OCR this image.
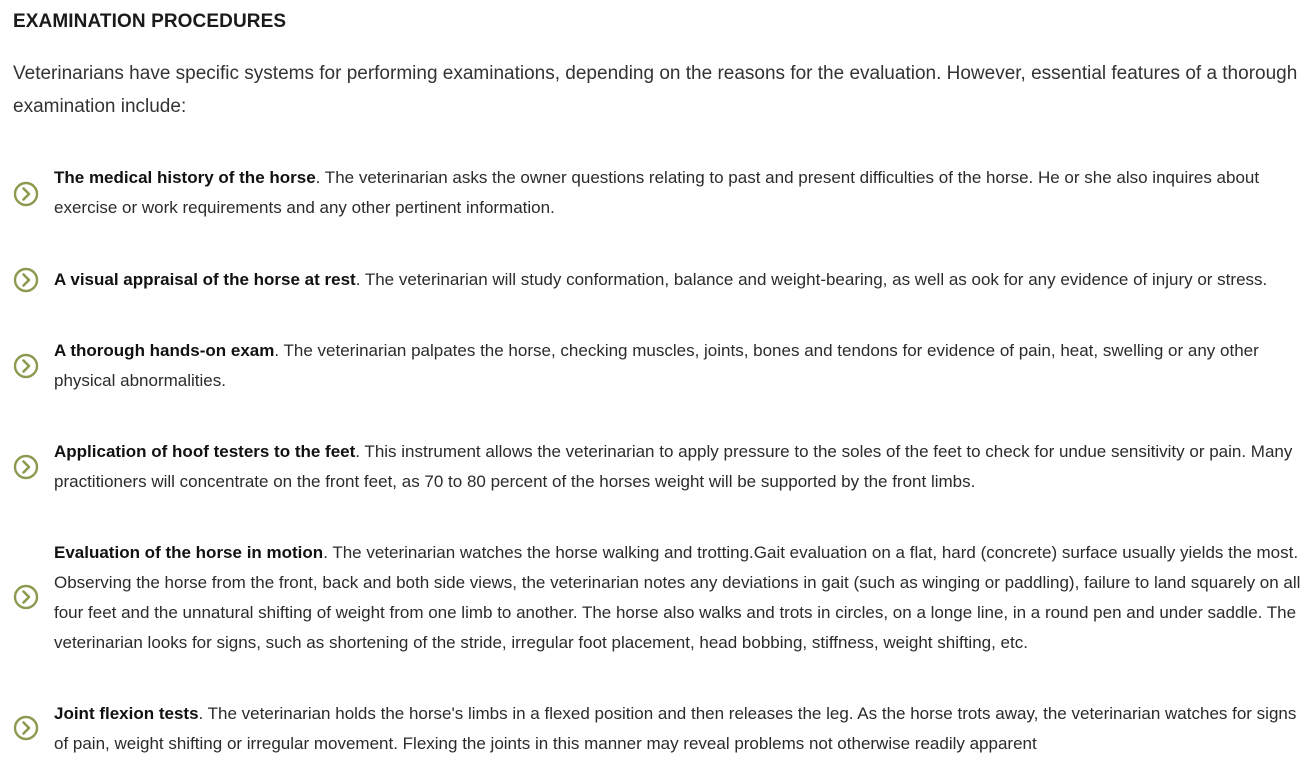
EXAMINATION PROCEDURES

Veterinarians have specific systems for performing examinations, depending on the reasons for the evaluation. However, essential features of a thorough examination include:

The medical history of the horse. The veterinarian asks the owner questions relating to past and present difficulties of the horse. He or she also inquires about exercise or work requirements and any other pertinent information.

A visual appraisal of the horse at rest. The veterinarian will study conformation, balance and weight-bearing, as well as ook for any evidence of injury or stress.

A thorough hands-on exam. The veterinarian palpates the horse, checking muscles, joints, bones and tendons for evidence of pain, heat, swelling or any other physical abnormalities.

Application of hoof testers to the feet. This instrument allows the veterinarian to apply pressure to the soles of the feet to check for undue sensitivity or pain. Many practitioners will concentrate on the front feet, as 70 to 80 percent of the horses weight will be supported by the front limbs.

Evaluation of the horse in motion. The veterinarian watches the horse walking and trotting.Gait evaluation on a flat, hard (concrete) surface usually yields the most. Observing the horse from the front, back and both side views, the veterinarian notes any deviations in gait (such as winging or paddling), failure to land squarely on all four feet and the unnatural shifting of weight from one limb to another. The horse also walks and trots in circles, on a longe line, in a round pen and under saddle. The veterinarian looks for signs, such as shortening of the stride, irregular foot placement, head bobbing, stiffness, weight shifting, etc.

Joint flexion tests. The veterinarian holds the horse's limbs in a flexed position and then releases the leg. As the horse trots away, the veterinarian watches for signs of pain, weight shifting or irregular movement. Flexing the joints in this manner may reveal problems not otherwise readily apparent
